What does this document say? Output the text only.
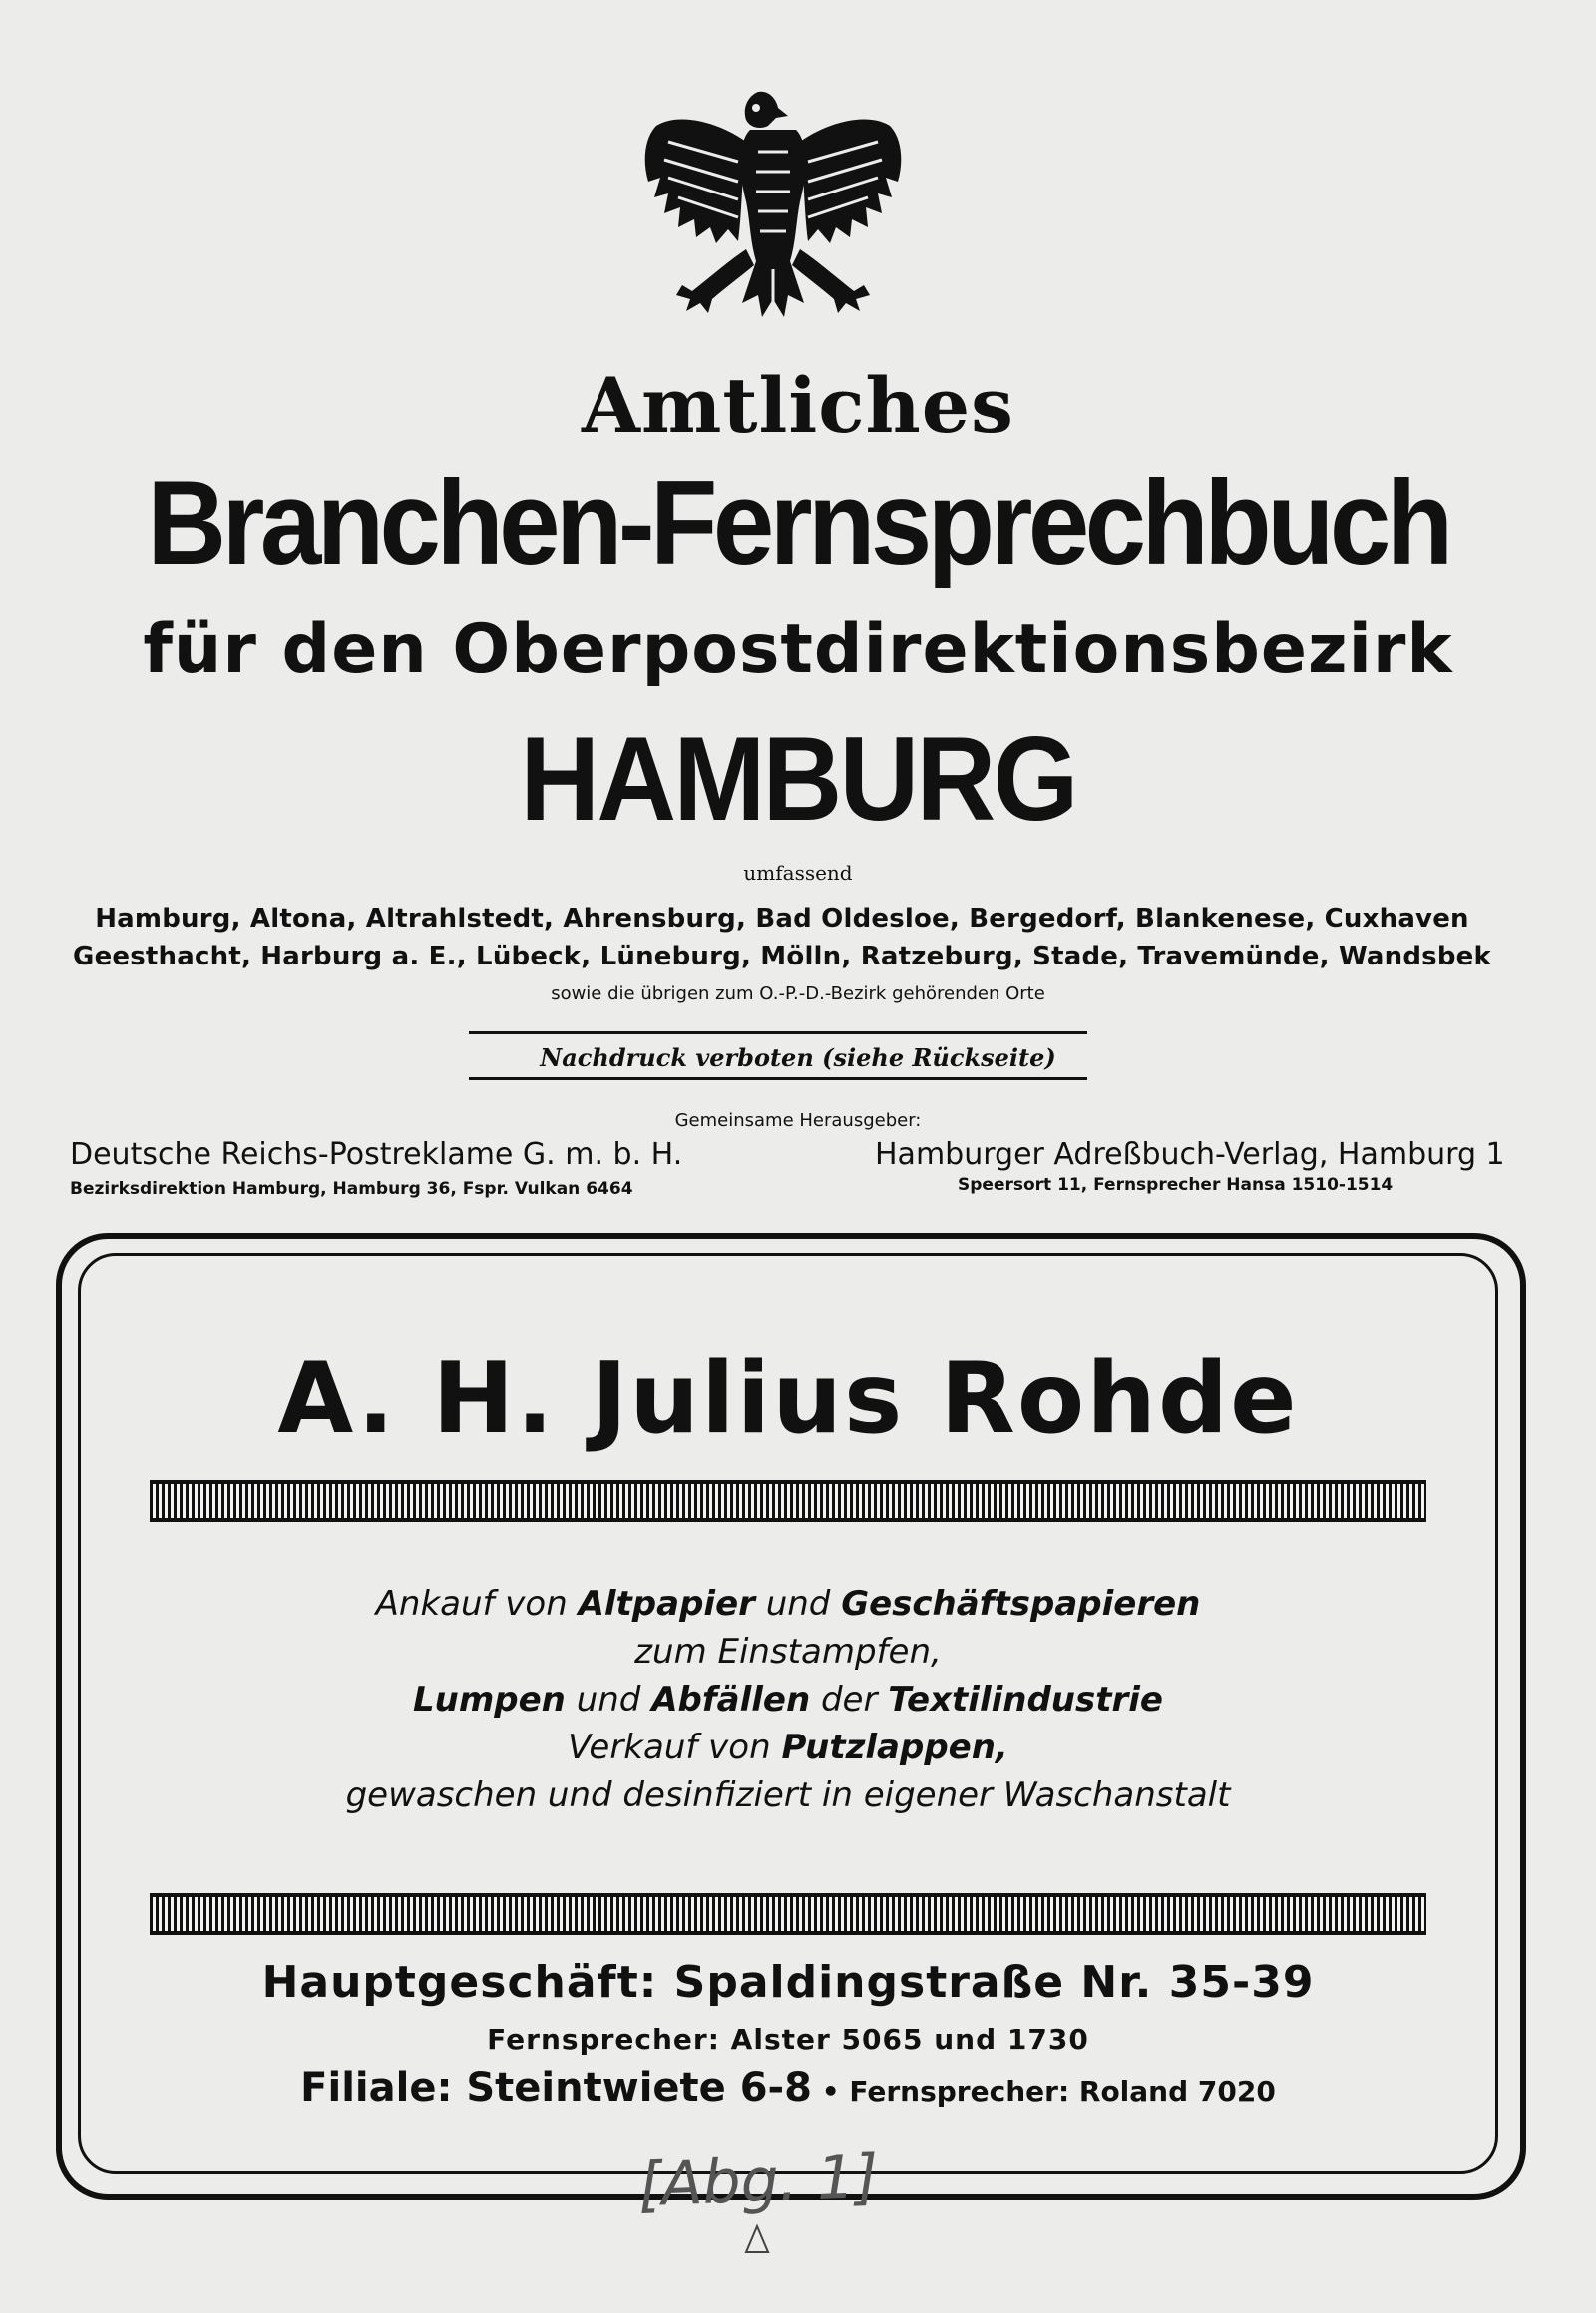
Amtliches
Branchen-Fernsprechbuch
für den Oberpostdirektionsbezirk
HAMBURG
umfassend
Hamburg, Altona, Altrahlstedt, Ahrensburg, Bad Oldesloe, Bergedorf, Blankenese, Cuxhaven
Geesthacht, Harburg a. E., Lübeck, Lüneburg, Mölln, Ratzeburg, Stade, Travemünde, Wandsbek
sowie die übrigen zum O.-P.-D.-Bezirk gehörenden Orte
Nachdruck verboten (siehe Rückseite)
Gemeinsame Herausgeber:
Deutsche Reichs-Postreklame G. m. b. H.
Bezirksdirektion Hamburg, Hamburg 36, Fspr. Vulkan 6464
Hamburger Adreßbuch-Verlag, Hamburg 1
Speersort 11, Fernsprecher Hansa 1510-1514
A. H. Julius Rohde
Ankauf von Altpapier und Geschäftspapieren
zum Einstampfen,
Lumpen und Abfällen der Textilindustrie
Verkauf von Putzlappen,
gewaschen und desinfiziert in eigener Waschanstalt
Hauptgeschäft: Spaldingstraße Nr. 35-39
Fernsprecher: Alster 5065 und 1730
Filiale: Steintwiete 6-8 • Fernsprecher: Roland 7020
[Abg. 1]
